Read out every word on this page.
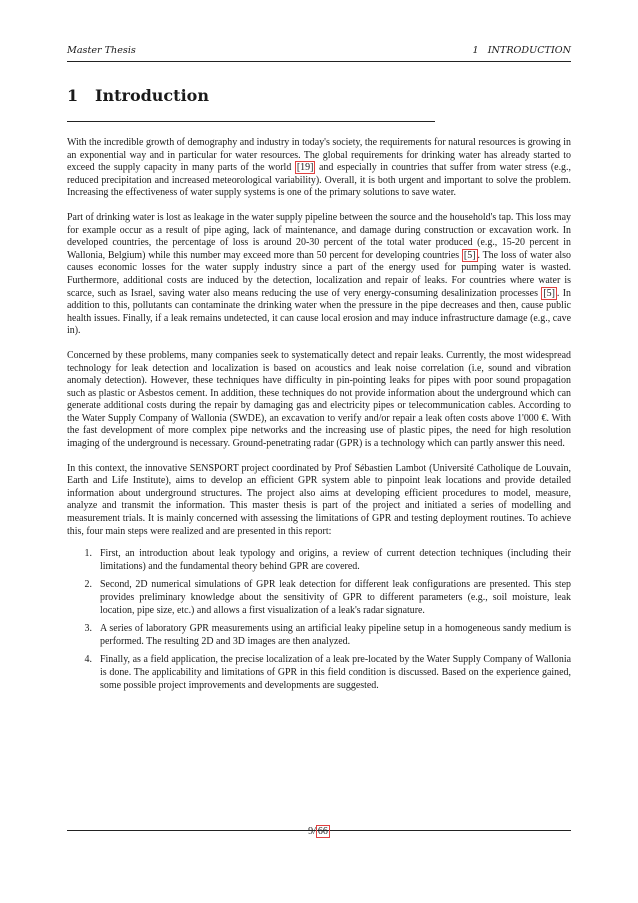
Master Thesis	1   INTRODUCTION
1 Introduction

With the incredible growth of demography and industry in today's society, the requirements for natural resources is growing in an exponential way and in particular for water resources. The global requirements for drinking water has already started to exceed the supply capacity in many parts of the world [19] and especially in countries that suffer from water stress (e.g., reduced precipitation and increased meteorological variability). Overall, it is both urgent and important to solve the problem. Increasing the effectiveness of water supply systems is one of the primary solutions to save water.

Part of drinking water is lost as leakage in the water supply pipeline between the source and the household's tap. This loss may for example occur as a result of pipe aging, lack of maintenance, and damage during construction or excavation work. In developed countries, the percentage of loss is around 20-30 percent of the total water produced (e.g., 15-20 percent in Wallonia, Belgium) while this number may exceed more than 50 percent for developing countries [5] . The loss of water also causes economic losses for the water supply industry since a part of the energy used for pumping water is wasted. Furthermore, additional costs are induced by the detection, localization and repair of leaks. For countries where water is scarce, such as Israel, saving water also means reducing the use of very energy-consuming desalinization processes [5] . In addition to this, pollutants can contaminate the drinking water when the pressure in the pipe decreases and then, cause public health issues. Finally, if a leak remains undetected, it can cause local erosion and may induce infrastructure damage (e.g., cave in).

Concerned by these problems, many companies seek to systematically detect and repair leaks. Currently, the most widespread technology for leak detection and localization is based on acoustics and leak noise correlation (i.e, sound and vibration anomaly detection). However, these techniques have difficulty in pin-pointing leaks for pipes with poor sound propagation such as plastic or Asbestos cement. In addition, these techniques do not provide information about the underground which can generate additional costs during the repair by damaging gas and electricity pipes or telecommunication cables. According to the Water Supply Company of Wallonia (SWDE), an excavation to verify and/or repair a leak often costs above 1'000 €. With the fast development of more complex pipe networks and the increasing use of plastic pipes, the need for high resolution imaging of the underground is necessary. Ground-penetrating radar (GPR) is a technology which can partly answer this need.

In this context, the innovative SENSPORT project coordinated by Prof Sébastien Lambot (Université Catholique de Louvain, Earth and Life Institute), aims to develop an efficient GPR system able to pinpoint leak locations and provide detailed information about underground structures. The project also aims at developing efficient procedures to model, measure, analyze and transmit the information. This master thesis is part of the project and initiated a series of modelling and measurement trials. It is mainly concerned with assessing the limitations of GPR and testing deployment routines. To achieve this, four main steps were realized and are presented in this report:

1. First, an introduction about leak typology and origins, a review of current detection techniques (including their limitations) and the fundamental theory behind GPR are covered.
2. Second, 2D numerical simulations of GPR leak detection for different leak configurations are presented. This step provides preliminary knowledge about the sensitivity of GPR to different parameters (e.g., soil moisture, leak location, pipe size, etc.) and allows a first visualization of a leak's radar signature.
3. A series of laboratory GPR measurements using an artificial leaky pipeline setup in a homogeneous sandy medium is performed. The resulting 2D and 3D images are then analyzed.
4. Finally, as a field application, the precise localization of a leak pre-located by the Water Supply Company of Wallonia is done. The applicability and limitations of GPR in this field condition is discussed. Based on the experience gained, some possible project improvements and developments are suggested.
9/ 66
